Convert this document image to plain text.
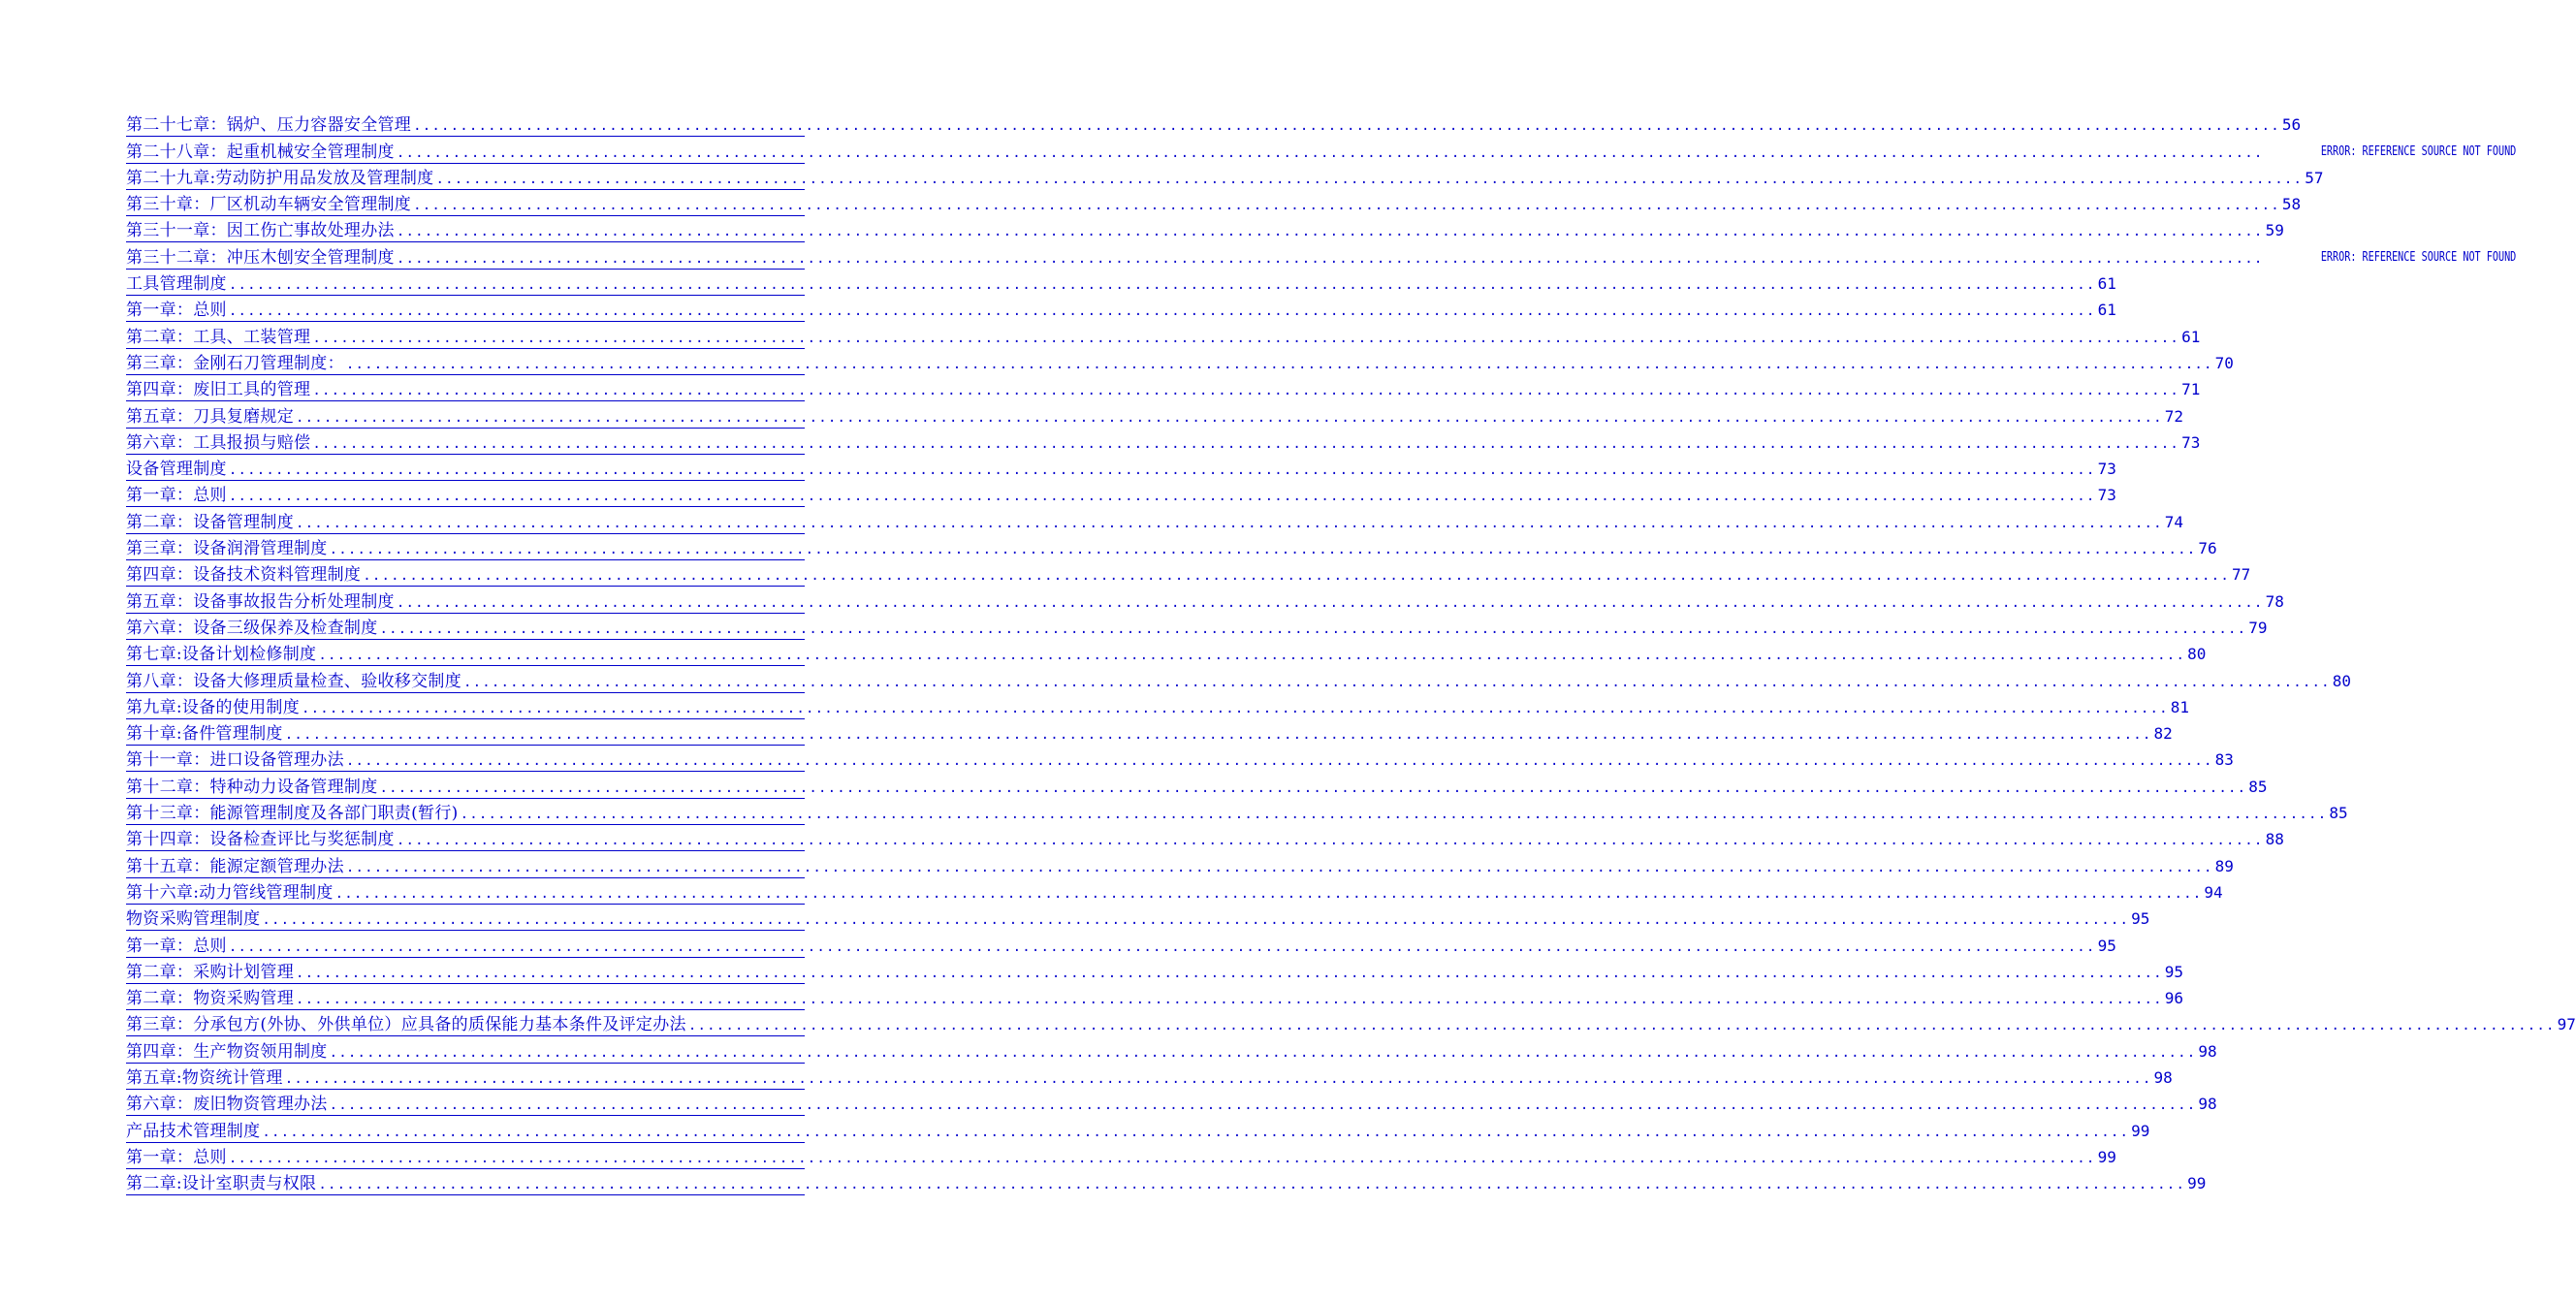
第二十七章：锅炉、压力容器安全管理 ........................................................................................................................................................................................................ 56
第二十八章：起重机械安全管理制度 ........................................................................................................................................................................................................	ERROR: REFERENCE SOURCE NOT FOUND
第二十九章:劳动防护用品发放及管理制度 ........................................................................................................................................................................................................ 57
第三十章：厂区机动车辆安全管理制度 ........................................................................................................................................................................................................ 58
第三十一章：因工伤亡事故处理办法 ........................................................................................................................................................................................................ 59
第三十二章：冲压木刨安全管理制度 ........................................................................................................................................................................................................	ERROR: REFERENCE SOURCE NOT FOUND
工具管理制度 ........................................................................................................................................................................................................ 61
第一章：总则 ........................................................................................................................................................................................................ 61
第二章：工具、工装管理 ........................................................................................................................................................................................................ 61
第三章：金刚石刀管理制度： ........................................................................................................................................................................................................ 70
第四章：废旧工具的管理 ........................................................................................................................................................................................................ 71
第五章：刀具复磨规定 ........................................................................................................................................................................................................ 72
第六章：工具报损与赔偿 ........................................................................................................................................................................................................ 73
设备管理制度 ........................................................................................................................................................................................................ 73
第一章：总则 ........................................................................................................................................................................................................ 73
第二章：设备管理制度 ........................................................................................................................................................................................................ 74
第三章：设备润滑管理制度 ........................................................................................................................................................................................................ 76
第四章：设备技术资料管理制度 ........................................................................................................................................................................................................ 77
第五章：设备事故报告分析处理制度 ........................................................................................................................................................................................................ 78
第六章：设备三级保养及检查制度 ........................................................................................................................................................................................................ 79
第七章:设备计划检修制度 ........................................................................................................................................................................................................ 80
第八章：设备大修理质量检查、验收移交制度 ........................................................................................................................................................................................................ 80
第九章:设备的使用制度 ........................................................................................................................................................................................................ 81
第十章:备件管理制度 ........................................................................................................................................................................................................ 82
第十一章：进口设备管理办法 ........................................................................................................................................................................................................ 83
第十二章：特种动力设备管理制度 ........................................................................................................................................................................................................ 85
第十三章：能源管理制度及各部门职责(暂行) ........................................................................................................................................................................................................ 85
第十四章：设备检查评比与奖惩制度 ........................................................................................................................................................................................................ 88
第十五章：能源定额管理办法 ........................................................................................................................................................................................................ 89
第十六章:动力管线管理制度 ........................................................................................................................................................................................................ 94
物资采购管理制度 ........................................................................................................................................................................................................ 95
第一章：总则 ........................................................................................................................................................................................................ 95
第二章：采购计划管理 ........................................................................................................................................................................................................ 95
第二章：物资采购管理 ........................................................................................................................................................................................................ 96
第三章：分承包方(外协、外供单位）应具备的质保能力基本条件及评定办法 ........................................................................................................................................................................................................ 97
第四章：生产物资领用制度 ........................................................................................................................................................................................................ 98
第五章:物资统计管理 ........................................................................................................................................................................................................ 98
第六章：废旧物资管理办法 ........................................................................................................................................................................................................ 98
产品技术管理制度 ........................................................................................................................................................................................................ 99
第一章：总则 ........................................................................................................................................................................................................ 99
第二章:设计室职责与权限 ........................................................................................................................................................................................................ 99
